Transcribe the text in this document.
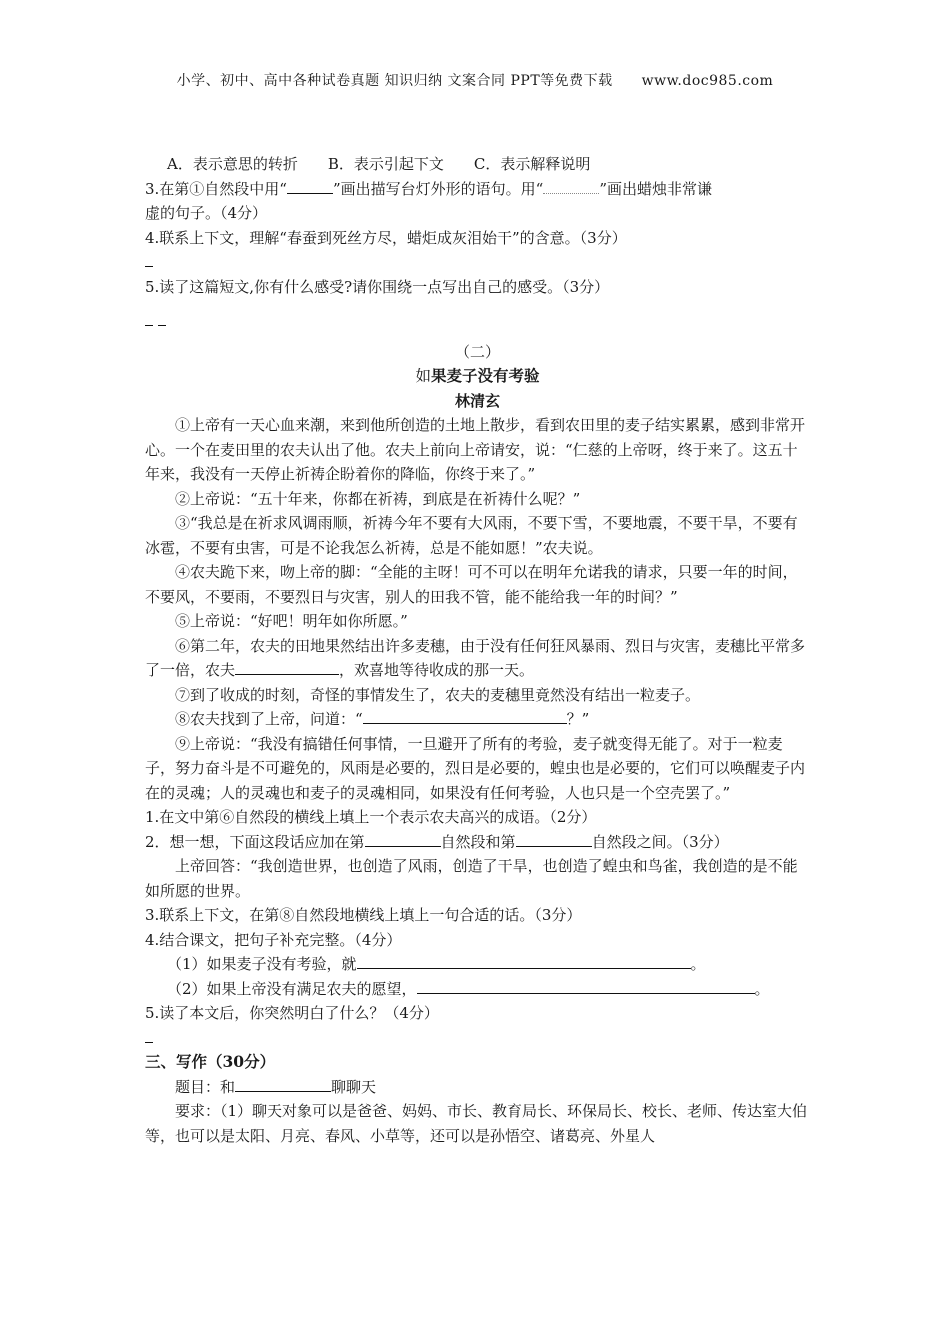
小学、初中、高中各种试卷真题 知识归纳 文案合同 PPT等免费下载 www.doc985.com
A．表示意思的转折　　B．表示引起下文　　C．表示解释说明
3.在第①自然段中用“	”画出描写台灯外形的语句。用“	”画出蜡烛非常谦
虚的句子。（4分）
4.联系上下文，理解“春蚕到死丝方尽，蜡炬成灰泪始干”的含意。（3分）
5.读了这篇短文,你有什么感受?请你围绕一点写出自己的感受。（3分）

（二）
如果麦子没有考验
林清玄
①上帝有一天心血来潮，来到他所创造的土地上散步，看到农田里的麦子结实累累，感到非常开心。一个在麦田里的农夫认出了他。农夫上前向上帝请安，说：“仁慈的上帝呀，终于来了。这五十年来，我没有一天停止祈祷企盼着你的降临，你终于来了。”
②上帝说：“五十年来，你都在祈祷，到底是在祈祷什么呢？”
③“我总是在祈求风调雨顺，祈祷今年不要有大风雨，不要下雪，不要地震，不要干旱，不要有冰雹，不要有虫害，可是不论我怎么祈祷，总是不能如愿！”农夫说。
④农夫跪下来，吻上帝的脚：“全能的主呀！可不可以在明年允诺我的请求，只要一年的时间，不要风，不要雨，不要烈日与灾害，别人的田我不管，能不能给我一年的时间？”
⑤上帝说：“好吧！明年如你所愿。”
⑥第二年，农夫的田地果然结出许多麦穗，由于没有任何狂风暴雨、烈日与灾害，麦穗比平常多了一倍，农夫	，欢喜地等待收成的那一天。
⑦到了收成的时刻，奇怪的事情发生了，农夫的麦穗里竟然没有结出一粒麦子。
⑧农夫找到了上帝，问道：“	？”
⑨上帝说：“我没有搞错任何事情，一旦避开了所有的考验，麦子就变得无能了。对于一粒麦子，努力奋斗是不可避免的，风雨是必要的，烈日是必要的，蝗虫也是必要的，它们可以唤醒麦子内在的灵魂；人的灵魂也和麦子的灵魂相同，如果没有任何考验，人也只是一个空壳罢了。”
1.在文中第⑥自然段的横线上填上一个表示农夫高兴的成语。（2分）
2．想一想，下面这段话应加在第	自然段和第	自然段之间。（3分）
上帝回答：“我创造世界，也创造了风雨，创造了干旱，也创造了蝗虫和鸟雀，我创造的是不能如所愿的世界。
3.联系上下文，在第⑧自然段地横线上填上一句合适的话。（3分）
4.结合课文，把句子补充完整。（4分）
（1）如果麦子没有考验，就	。
（2）如果上帝没有满足农夫的愿望，	。
5.读了本文后，你突然明白了什么？（4分）
三、写作（30分）
题目：和	聊聊天
要求：（1）聊天对象可以是爸爸、妈妈、市长、教育局长、环保局长、校长、老师、传达室大伯等，也可以是太阳、月亮、春风、小草等，还可以是孙悟空、诸葛亮、外星人
